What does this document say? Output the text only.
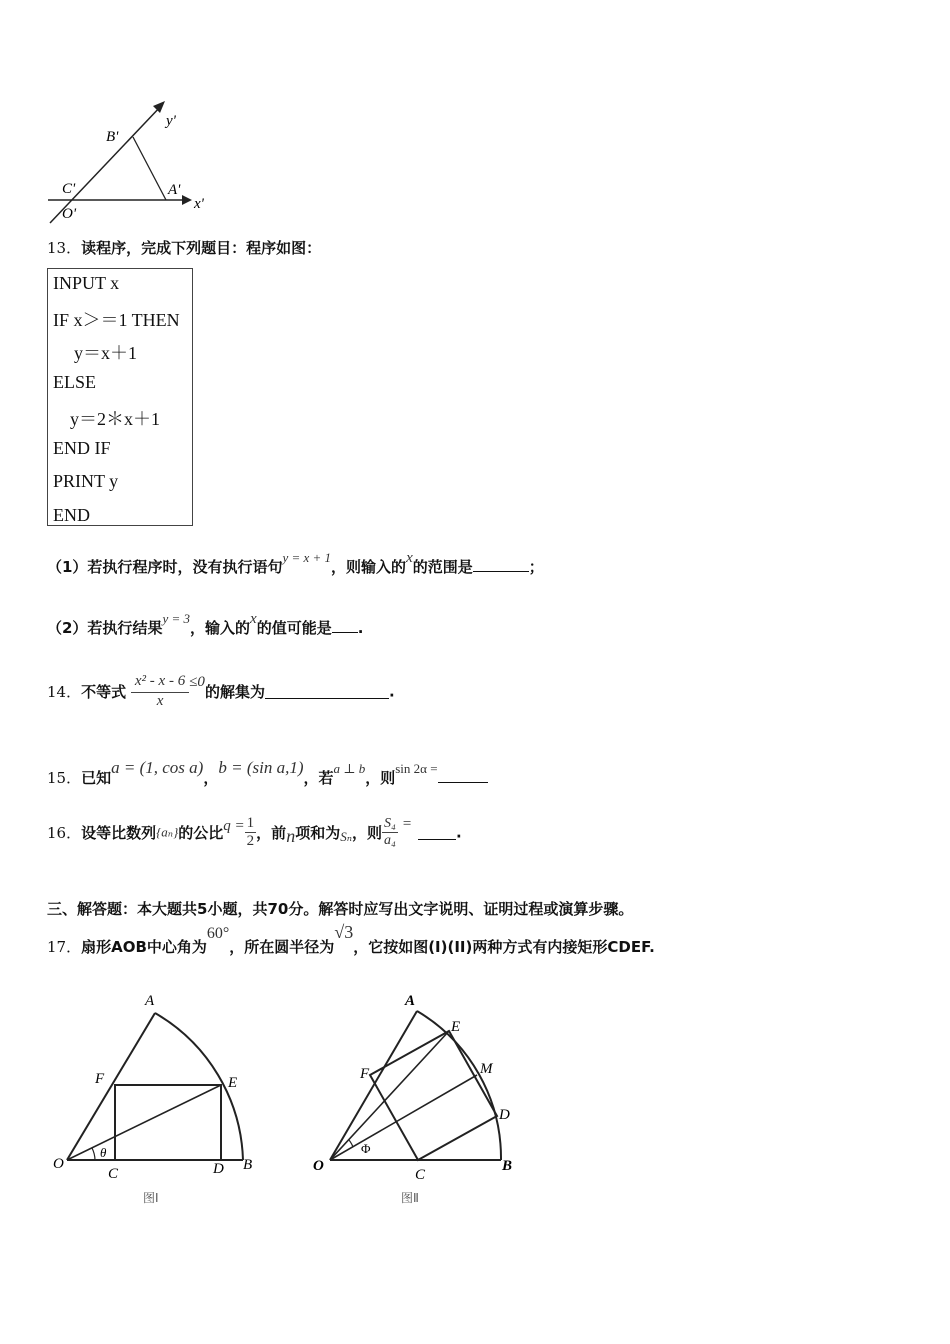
y'
B'
C'	A'
O'
x'
13．读程序，完成下列题目：程序如图：
INPUT x
IF x＞＝1 THEN
y＝x＋1
ELSE
y＝2＊x＋1
END IF
PRINT y
END
（1）若执行程序时，没有执行语句y = x + 1，则输入的x的范围是	；
（2）若执行结果y = 3，输入的x的值可能是 .
14．不等式 $\frac{\text{x² - x - 6}}{x} \le 0$的解集为	.
15．已知a = (1, cos a)，b = (sin a,1)，若a ⊥ b，则sin 2α =
16．设等比数列{aₙ}的公比$q = \frac{1}{2}$ ，前n项和为Sₙ，则 $\frac{\text{S₄}}{\text{a₄}}$ =	.
三、解答题：本大题共5小题，共70分。解答时应写出文字说明、证明过程或演算步骤。
17．扇形AOB中心角为60°，所在圆半径为√3，它按如图(I)(II)两种方式有内接矩形CDEF.
A
F	E
O
θ
C	D B
图Ⅰ
A
E
M
F
D
Φ
O
C
B
图Ⅱ
